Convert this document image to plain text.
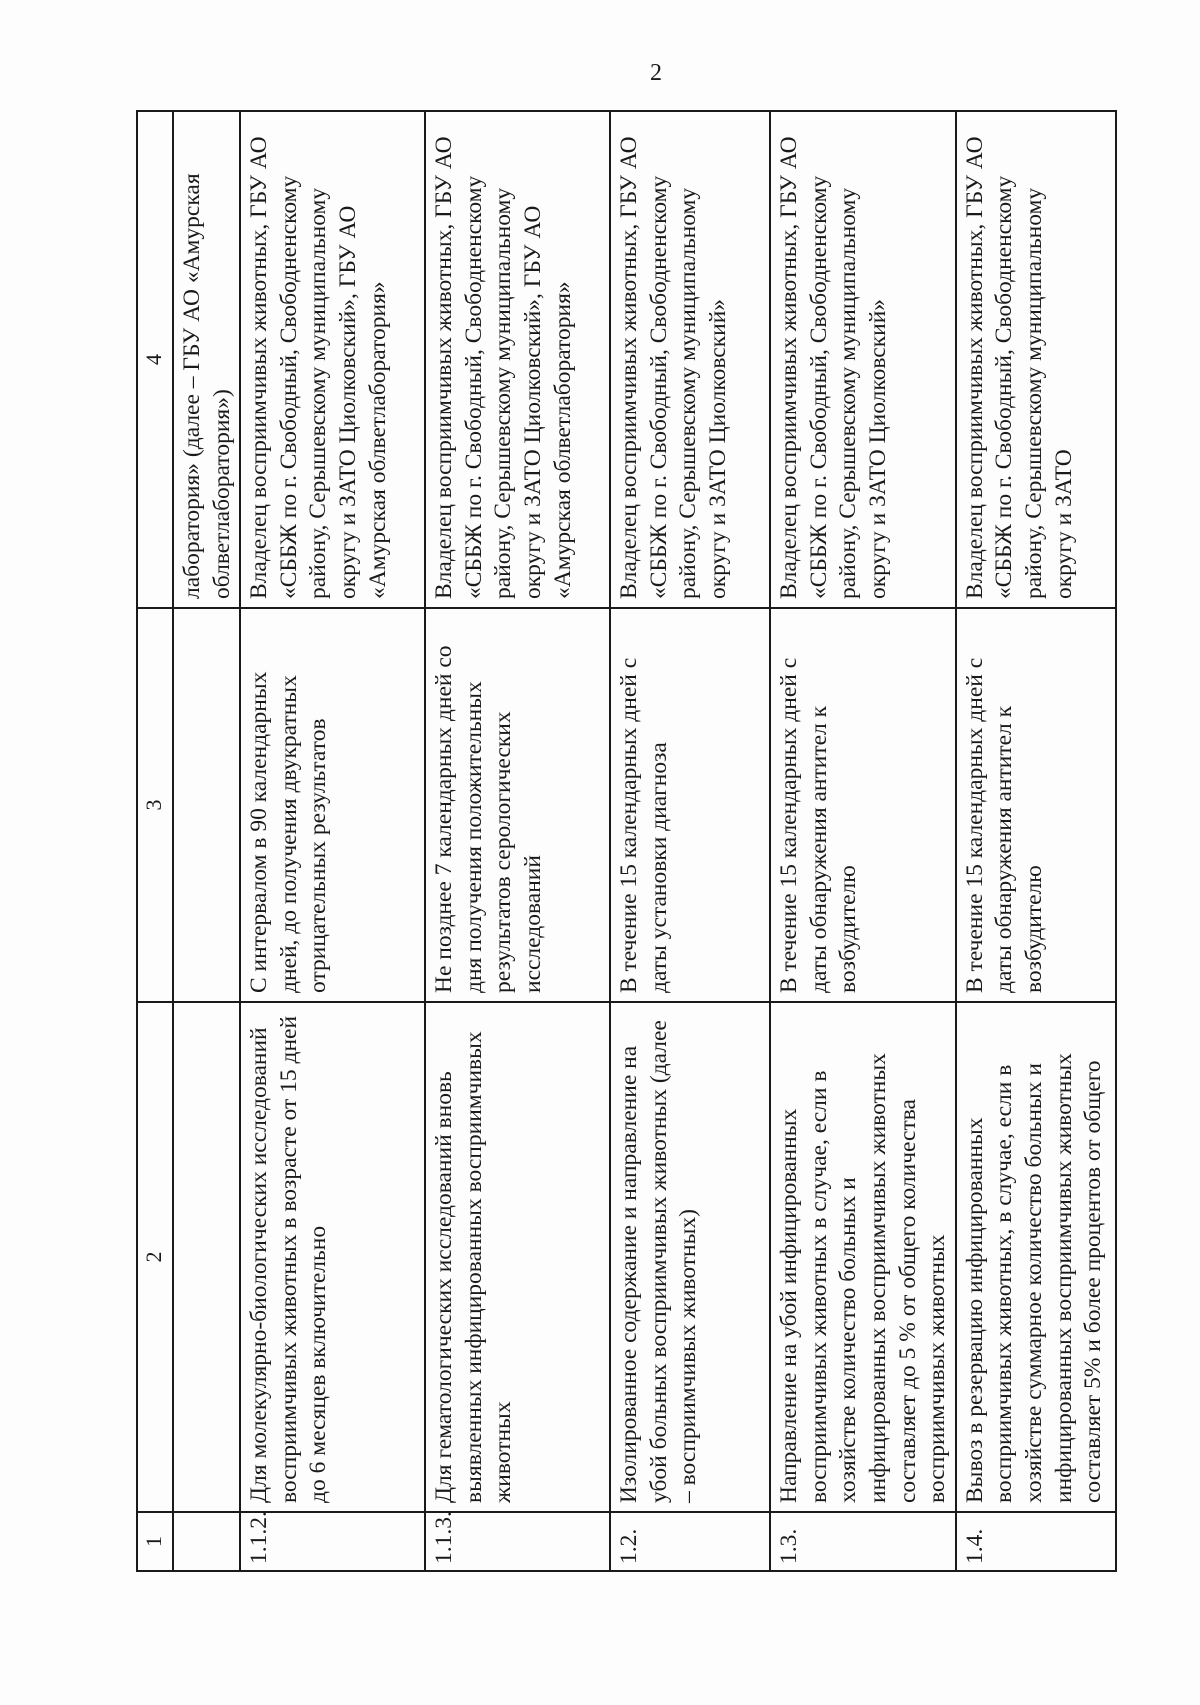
2
1	2	3	4
			лаборатория» (далее – ГБУ АО «Амурская облветлаборатория»)
1.1.2.	Для молекулярно-биологических исследований восприимчивых животных в возрасте от 15 дней до 6 месяцев включительно	С интервалом в 90 календарных дней, до получения двукратных отрицательных результатов	Владелец восприимчивых животных, ГБУ АО «СББЖ по г. Свободный, Свободненскому району, Серышевскому муниципальному округу и ЗАТО Циолковский», ГБУ АО «Амурская облветлаборатория»
1.1.3.	Для гематологических исследований вновь выявленных инфицированных восприимчивых животных	Не позднее 7 календарных дней со дня получения положительных результатов серологических исследований	Владелец восприимчивых животных, ГБУ АО «СББЖ по г. Свободный, Свободненскому району, Серышевскому муниципальному округу и ЗАТО Циолковский», ГБУ АО «Амурская облветлаборатория»
1.2.	Изолированное содержание и направление на убой больных восприимчивых животных (далее – восприимчивых животных)	В течение 15 календарных дней с даты установки диагноза	Владелец восприимчивых животных, ГБУ АО «СББЖ по г. Свободный, Свободненскому району, Серышевскому муниципальному округу и ЗАТО Циолковский»
1.3.	Направление на убой инфицированных восприимчивых животных в случае, если в хозяйстве количество больных и инфицированных восприимчивых животных составляет до 5 % от общего количества восприимчивых животных	В течение 15 календарных дней с даты обнаружения антител к возбудителю	Владелец восприимчивых животных, ГБУ АО «СББЖ по г. Свободный, Свободненскому району, Серышевскому муниципальному округу и ЗАТО Циолковский»
1.4.	Вывоз в резервацию инфицированных восприимчивых животных, в случае, если в хозяйстве суммарное количество больных и инфицированных восприимчивых животных составляет 5% и более процентов от общего	В течение 15 календарных дней с даты обнаружения антител к возбудителю	Владелец восприимчивых животных, ГБУ АО «СББЖ по г. Свободный, Свободненскому району, Серышевскому муниципальному округу и ЗАТО
